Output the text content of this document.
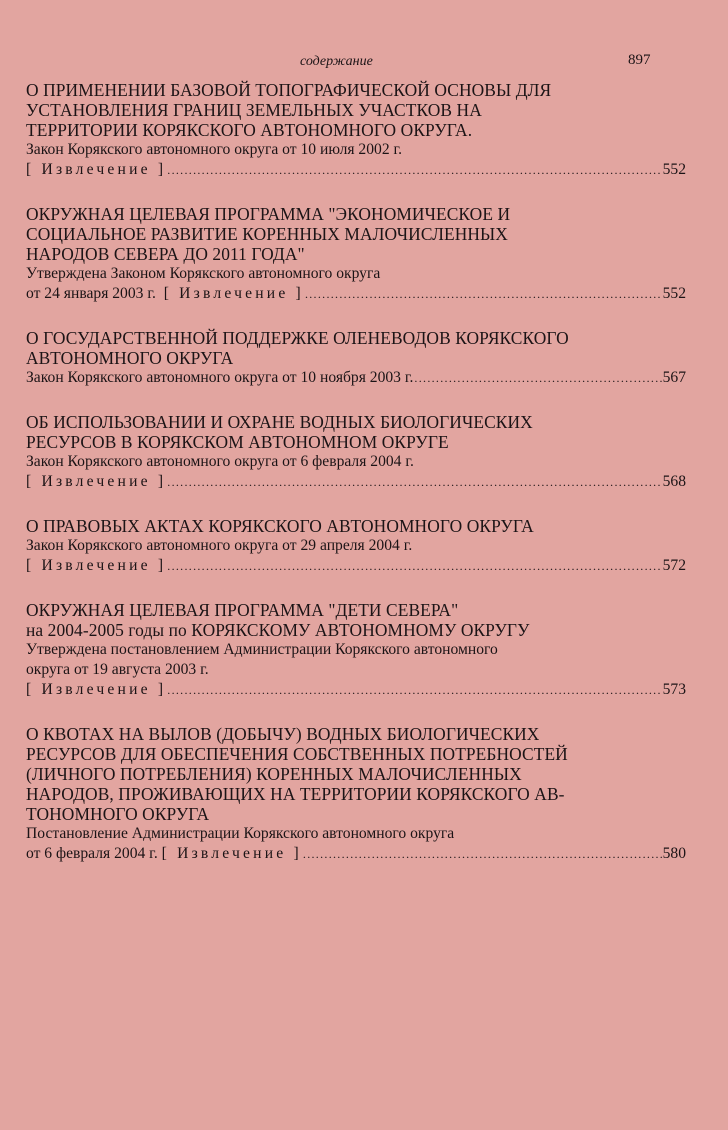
содержание	897
О ПРИМЕНЕНИИ БАЗОВОЙ ТОПОГРАФИЧЕСКОЙ ОСНОВЫ ДЛЯ
УСТАНОВЛЕНИЯ ГРАНИЦ ЗЕМЕЛЬНЫХ УЧАСТКОВ НА
ТЕРРИТОРИИ КОРЯКСКОГО АВТОНОМНОГО ОКРУГА.
Закон Корякского автономного округа от 10 июля 2002 г.
[ Извлечение ] .....	552
ОКРУЖНАЯ ЦЕЛЕВАЯ ПРОГРАММА "ЭКОНОМИЧЕСКОЕ И
СОЦИАЛЬНОЕ РАЗВИТИЕ КОРЕННЫХ МАЛОЧИСЛЕННЫХ
НАРОДОВ СЕВЕРА ДО 2011 ГОДА"
Утверждена Законом Корякского автономного округа
от 24 января 2003 г.  [ Извлечение ] .....	552
О ГОСУДАРСТВЕННОЙ ПОДДЕРЖКЕ ОЛЕНЕВОДОВ КОРЯКСКОГО
АВТОНОМНОГО ОКРУГА
Закон Корякского автономного округа от 10 ноября 2003 г. .....	567
ОБ ИСПОЛЬЗОВАНИИ И ОХРАНЕ ВОДНЫХ БИОЛОГИЧЕСКИХ
РЕСУРСОВ В КОРЯКСКОМ АВТОНОМНОМ ОКРУГЕ
Закон Корякского автономного округа от 6 февраля 2004 г.
[ Извлечение ] .....	568
О ПРАВОВЫХ АКТАХ КОРЯКСКОГО АВТОНОМНОГО ОКРУГА
Закон Корякского автономного округа от 29 апреля 2004 г.
[ Извлечение ] .....	572
ОКРУЖНАЯ ЦЕЛЕВАЯ ПРОГРАММА "ДЕТИ СЕВЕРА"
на 2004-2005 годы по КОРЯКСКОМУ АВТОНОМНОМУ ОКРУГУ
Утверждена постановлением Администрации Корякского автономного
округа от 19 августа 2003 г.
[ Извлечение ] .....	573
О КВОТАХ НА ВЫЛОВ (ДОБЫЧУ) ВОДНЫХ БИОЛОГИЧЕСКИХ
РЕСУРСОВ ДЛЯ ОБЕСПЕЧЕНИЯ СОБСТВЕННЫХ ПОТРЕБНОСТЕЙ
(ЛИЧНОГО ПОТРЕБЛЕНИЯ) КОРЕННЫХ МАЛОЧИСЛЕННЫХ
НАРОДОВ, ПРОЖИВАЮЩИХ НА ТЕРРИТОРИИ КОРЯКСКОГО АВ-
ТОНОМНОГО ОКРУГА
Постановление Администрации Корякского автономного округа
от 6 февраля 2004 г. [ Извлечение ] .....	580
